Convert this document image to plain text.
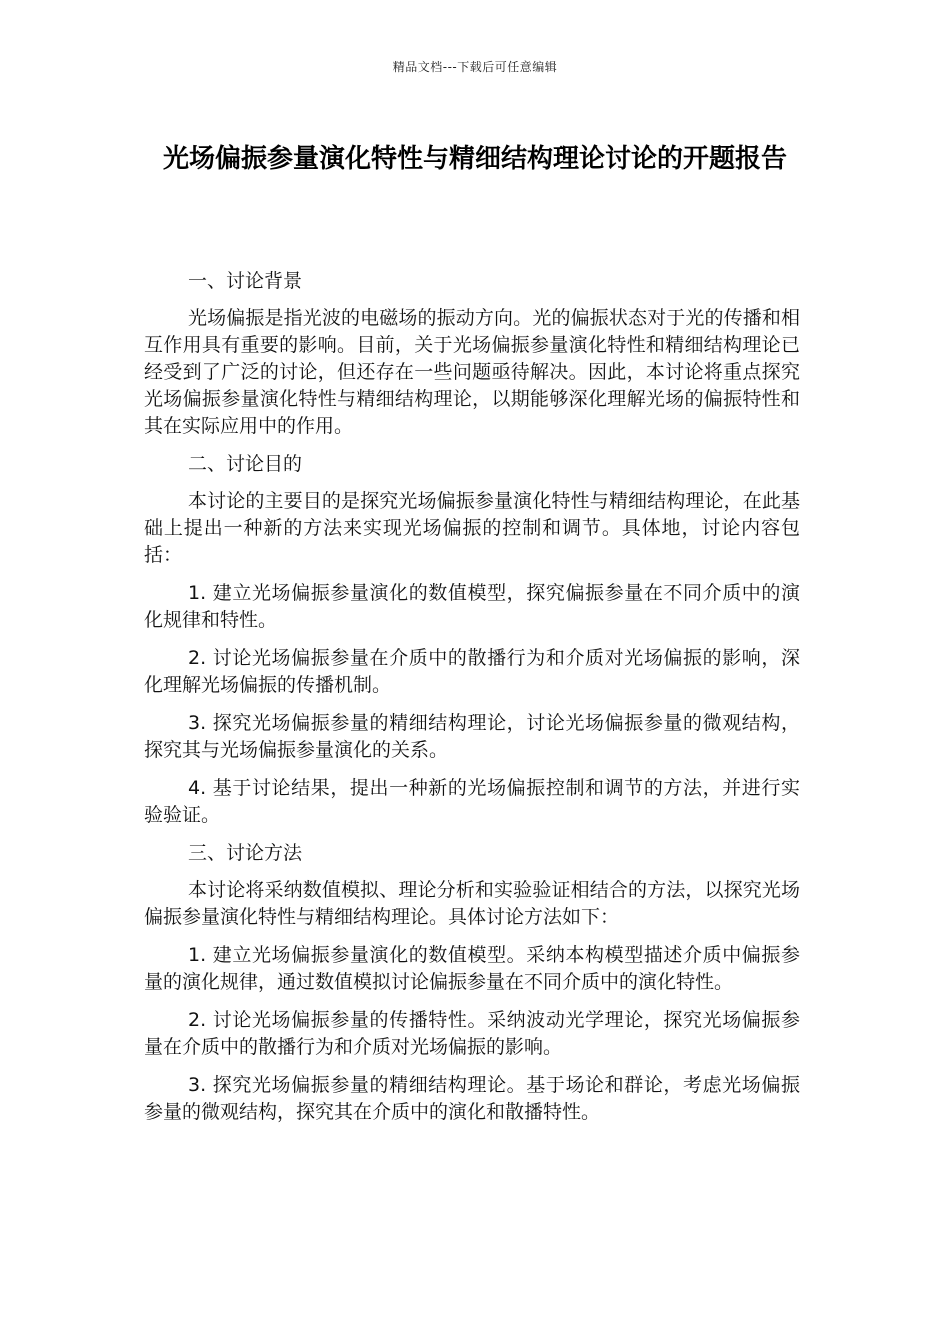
精品文档---下载后可任意编辑
光场偏振参量演化特性与精细结构理论讨论的开题报告

一、讨论背景

光场偏振是指光波的电磁场的振动方向。光的偏振状态对于光的传播和相互作用具有重要的影响。目前，关于光场偏振参量演化特性和精细结构理论已经受到了广泛的讨论，但还存在一些问题亟待解决。因此，本讨论将重点探究光场偏振参量演化特性与精细结构理论，以期能够深化理解光场的偏振特性和其在实际应用中的作用。

二、讨论目的

本讨论的主要目的是探究光场偏振参量演化特性与精细结构理论，在此基础上提出一种新的方法来实现光场偏振的控制和调节。具体地，讨论内容包括：

1. 建立光场偏振参量演化的数值模型，探究偏振参量在不同介质中的演化规律和特性。

2. 讨论光场偏振参量在介质中的散播行为和介质对光场偏振的影响，深化理解光场偏振的传播机制。

3. 探究光场偏振参量的精细结构理论，讨论光场偏振参量的微观结构，探究其与光场偏振参量演化的关系。

4. 基于讨论结果，提出一种新的光场偏振控制和调节的方法，并进行实验验证。

三、讨论方法

本讨论将采纳数值模拟、理论分析和实验验证相结合的方法，以探究光场偏振参量演化特性与精细结构理论。具体讨论方法如下：

1. 建立光场偏振参量演化的数值模型。采纳本构模型描述介质中偏振参量的演化规律，通过数值模拟讨论偏振参量在不同介质中的演化特性。

2. 讨论光场偏振参量的传播特性。采纳波动光学理论，探究光场偏振参量在介质中的散播行为和介质对光场偏振的影响。

3. 探究光场偏振参量的精细结构理论。基于场论和群论，考虑光场偏振参量的微观结构，探究其在介质中的演化和散播特性。
